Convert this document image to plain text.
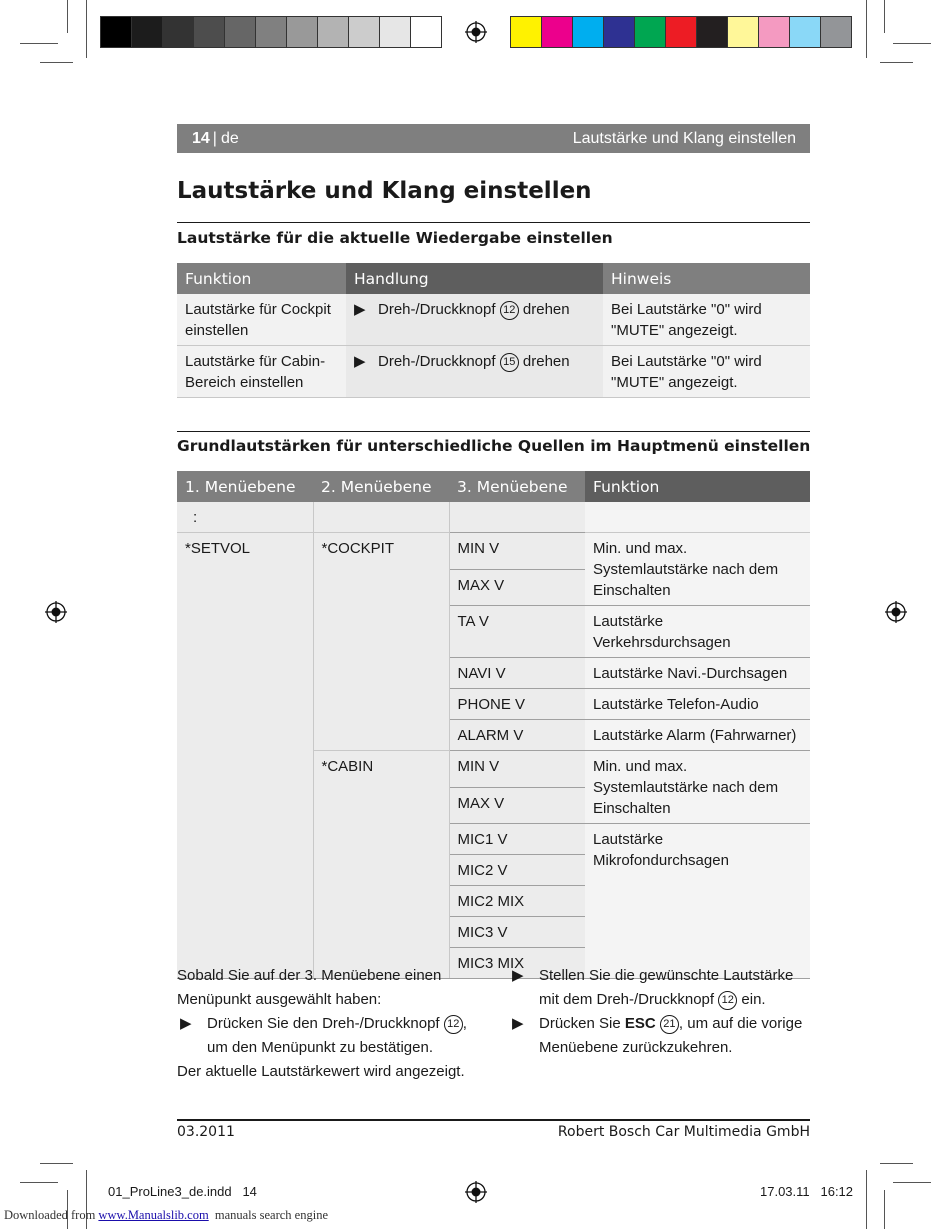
14 | de	Lautstärke und Klang einstellen
Lautstärke und Klang einstellen
Lautstärke für die aktuelle Wiedergabe einstellen
Funktion	Handlung	Hinweis
Lautstärke für Cockpit einstellen	▶ Dreh-/Druckknopf 12 drehen	Bei Lautstärke "0" wird "MUTE" angezeigt.
Lautstärke für Cabin-Bereich einstellen	▶ Dreh-/Druckknopf 15 drehen	Bei Lautstärke "0" wird "MUTE" angezeigt.
Grundlautstärken für unterschiedliche Quellen im Hauptmenü einstellen
1. Menüebene	2. Menüebene	3. Menüebene	Funktion
:			
*SETVOL	*COCKPIT	MIN V	Min. und max. Systemlautstärke nach dem Einschalten
		MAX V	
		TA V	Lautstärke Verkehrsdurchsagen
		NAVI V	Lautstärke Navi.-Durchsagen
		PHONE V	Lautstärke Telefon-Audio
		ALARM V	Lautstärke Alarm (Fahrwarner)
	*CABIN	MIN V	Min. und max. Systemlautstärke nach dem Einschalten
		MAX V	
		MIC1 V	Lautstärke Mikrofondurchsagen
		MIC2 V	
		MIC2 MIX	
		MIC3 V	
		MIC3 MIX	
Sobald Sie auf der 3. Menüebene einen Menüpunkt ausgewählt haben:
▶ Drücken Sie den Dreh-/Druckknopf 12 , um den Menüpunkt zu bestätigen.
Der aktuelle Lautstärkewert wird angezeigt.
▶ Stellen Sie die gewünschte Lautstärke mit dem Dreh-/Druckknopf 12 ein.
▶ Drücken Sie ESC 21 , um auf die vorige Menüebene zurückzukehren.
03.2011	Robert Bosch Car Multimedia GmbH
01_ProLine3_de.indd 14	17.03.11 16:12
Downloaded from www.Manualslib.com manuals search engine
